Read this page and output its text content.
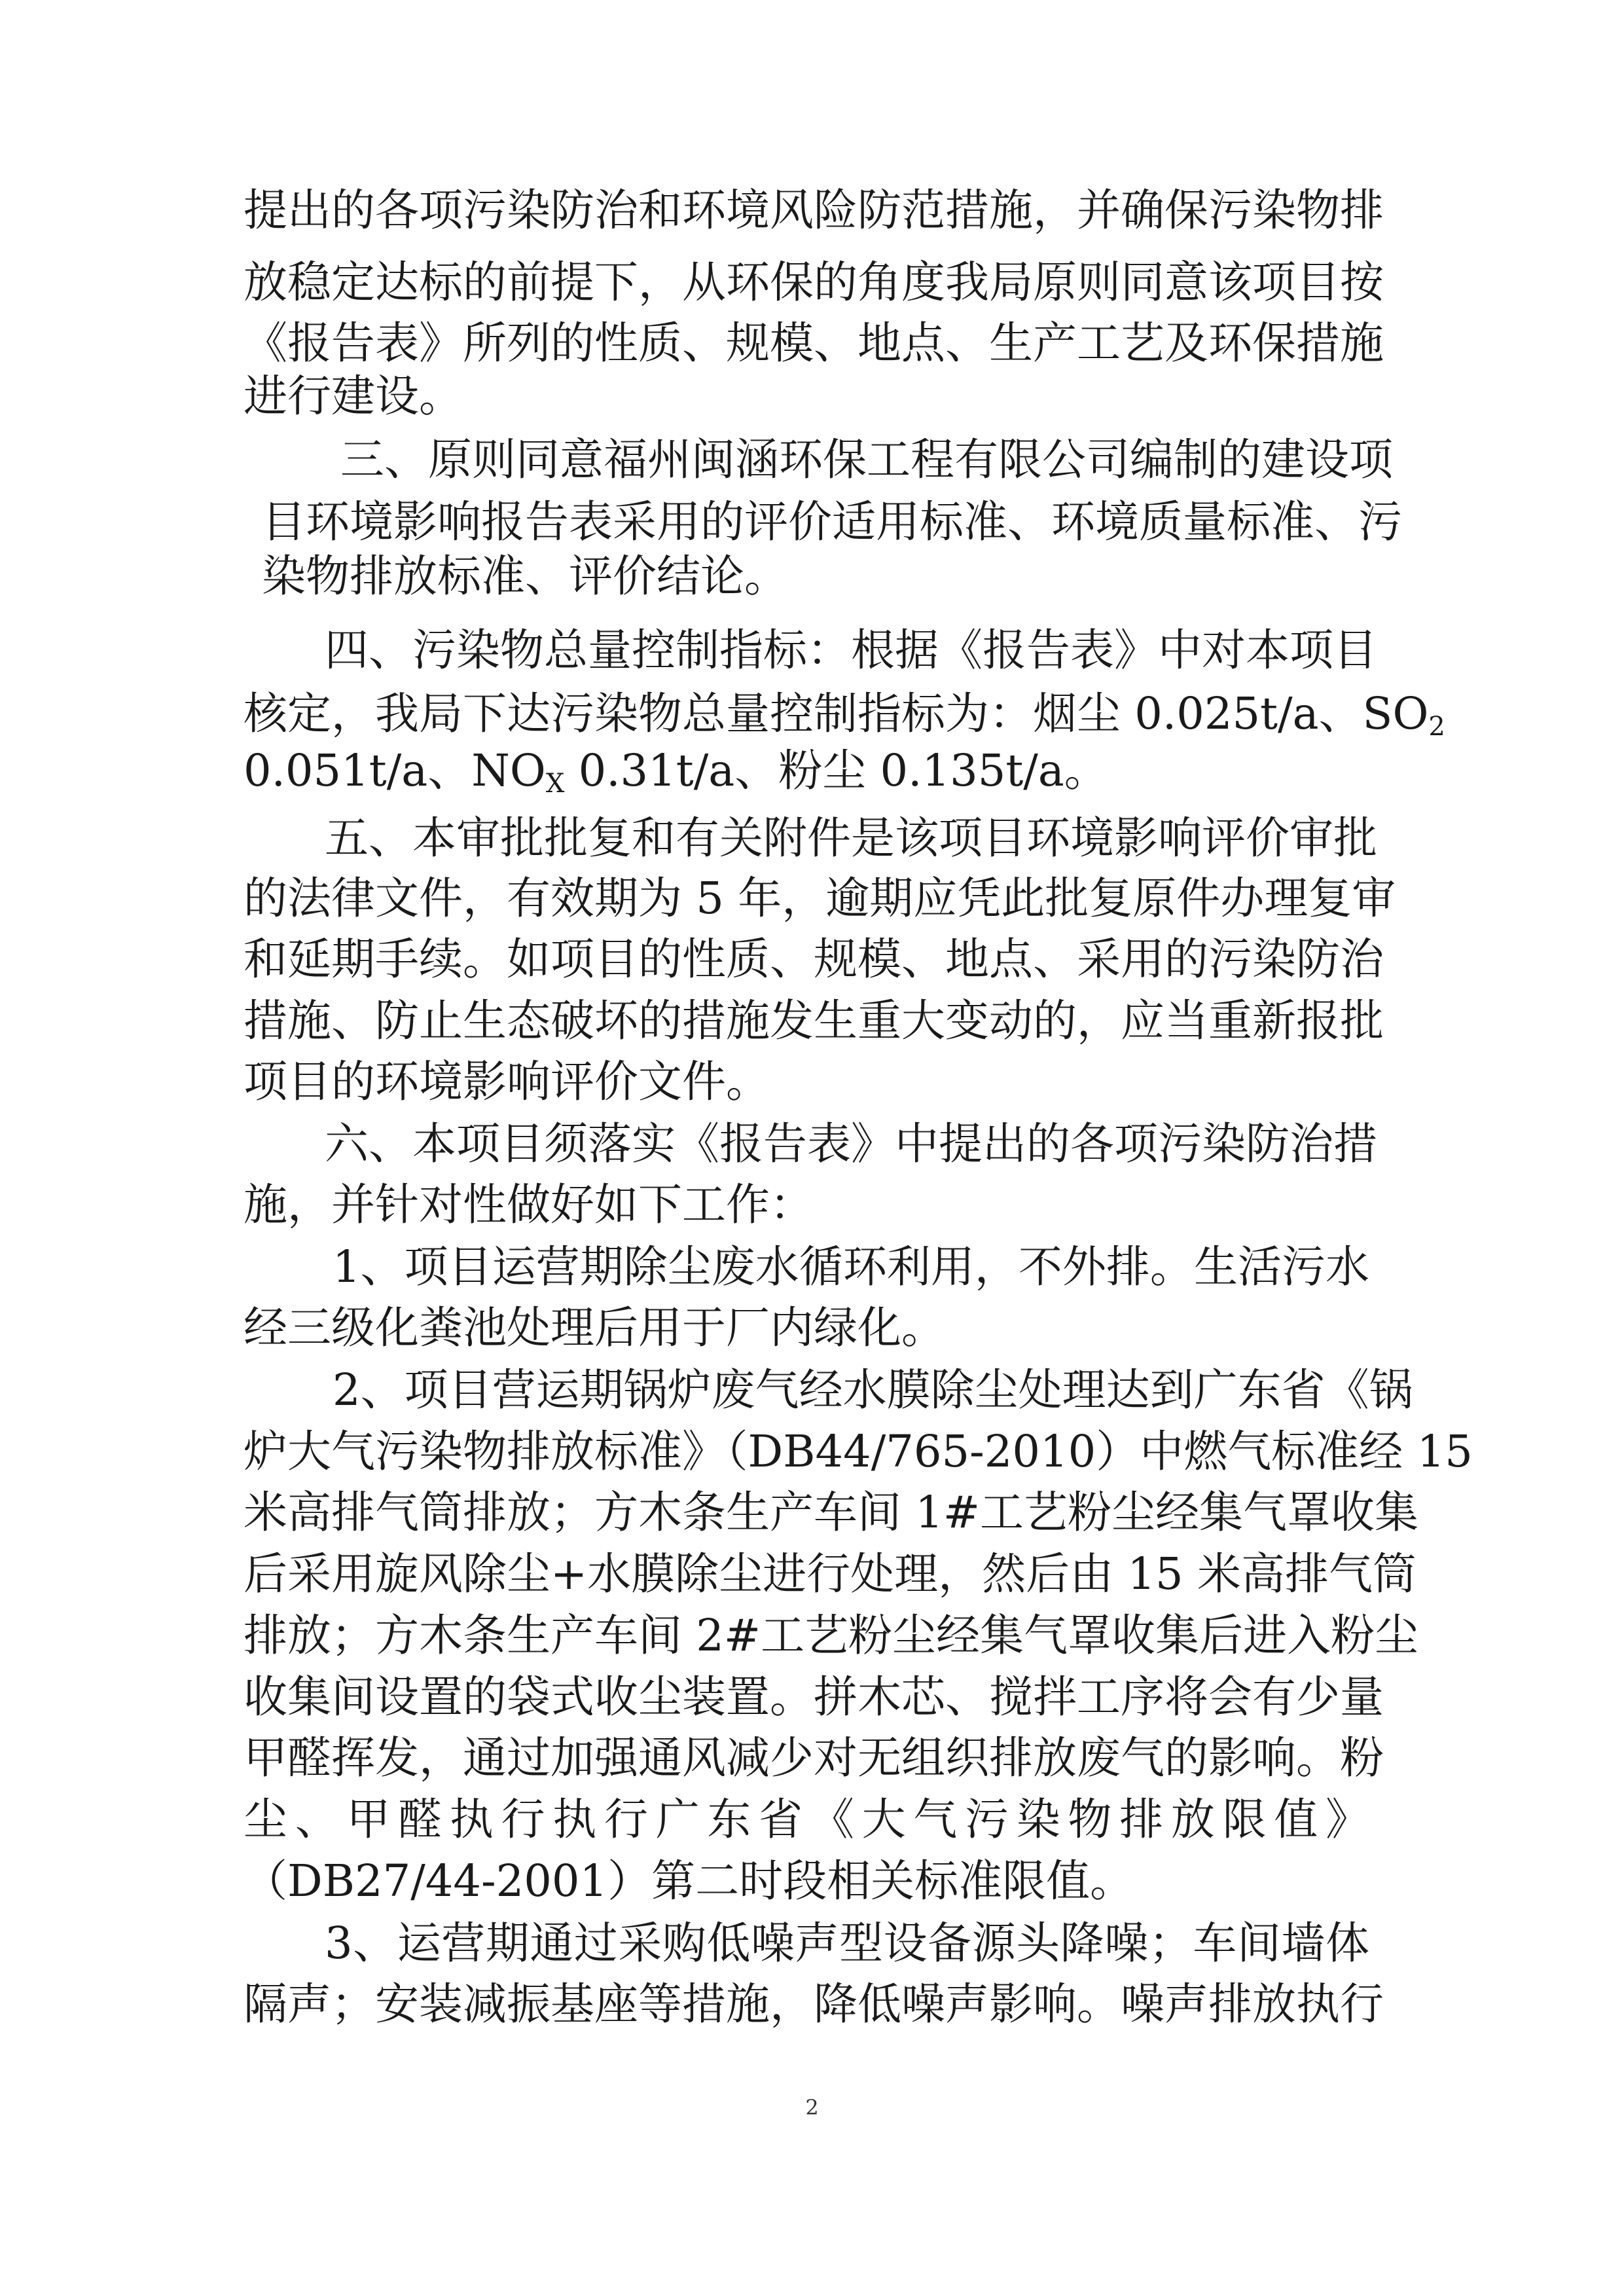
提出的各项污染防治和环境风险防范措施，并确保污染物排
放稳定达标的前提下，从环保的角度我局原则同意该项目按
《报告表》所列的性质、规模、地点、生产工艺及环保措施
进行建设。
三、原则同意福州闽涵环保工程有限公司编制的建设项
目环境影响报告表采用的评价适用标准、环境质量标准、污
染物排放标准、评价结论。
四、污染物总量控制指标：根据《报告表》中对本项目
核定，我局下达污染物总量控制指标为：烟尘 0.025t/a、$SO_2$
0.051t/a、$NO_X$ 0.31t/a、粉尘 0.135t/a。
五、本审批批复和有关附件是该项目环境影响评价审批
的法律文件，有效期为 5 年，逾期应凭此批复原件办理复审
和延期手续。如项目的性质、规模、地点、采用的污染防治
措施、防止生态破坏的措施发生重大变动的，应当重新报批
项目的环境影响评价文件。
六、本项目须落实《报告表》中提出的各项污染防治措
施，并针对性做好如下工作：
1、项目运营期除尘废水循环利用，不外排。生活污水
经三级化粪池处理后用于厂内绿化。
2、项目营运期锅炉废气经水膜除尘处理达到广东省《锅
炉大气污染物排放标准》（DB44/765-2010）中燃气标准经 15
米高排气筒排放；方木条生产车间 1#工艺粉尘经集气罩收集
后采用旋风除尘+水膜除尘进行处理，然后由 15 米高排气筒
排放；方木条生产车间 2#工艺粉尘经集气罩收集后进入粉尘
收集间设置的袋式收尘装置。拼木芯、搅拌工序将会有少量
甲醛挥发，通过加强通风减少对无组织排放废气的影响。粉
尘、甲醛执行执行广东省《大气污染物排放限值》
（DB27/44-2001）第二时段相关标准限值。
3、运营期通过采购低噪声型设备源头降噪；车间墙体
隔声；安装减振基座等措施，降低噪声影响。噪声排放执行
2
